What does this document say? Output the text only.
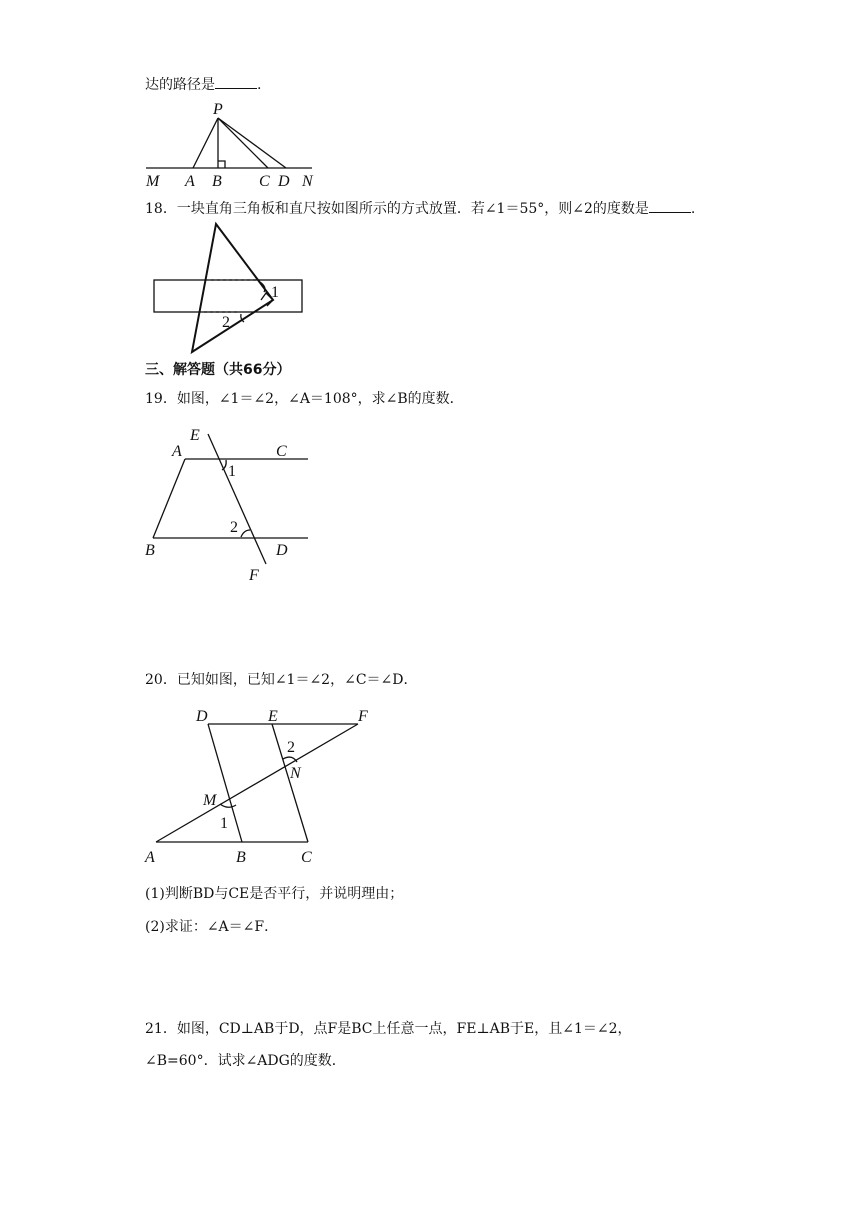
达的路径是	.
P
M A B C D N
18．一块直角三角板和直尺按如图所示的方式放置．若∠1＝55°，则∠2的度数是	.
1
2
三、解答题（共66分）
19．如图，∠1＝∠2，∠A＝108°，求∠B的度数．
E
A	C
1
2
B	D
F
20．已知如图，已知∠1＝∠2，∠C＝∠D．
D	E	F
2
N
M
1
A	B	C
(1)判断BD与CE是否平行，并说明理由；
(2)求证：∠A＝∠F．
21．如图，CD⊥AB于D，点F是BC上任意一点，FE⊥AB于E，且∠1＝∠2，
∠B=60°．试求∠ADG的度数．
